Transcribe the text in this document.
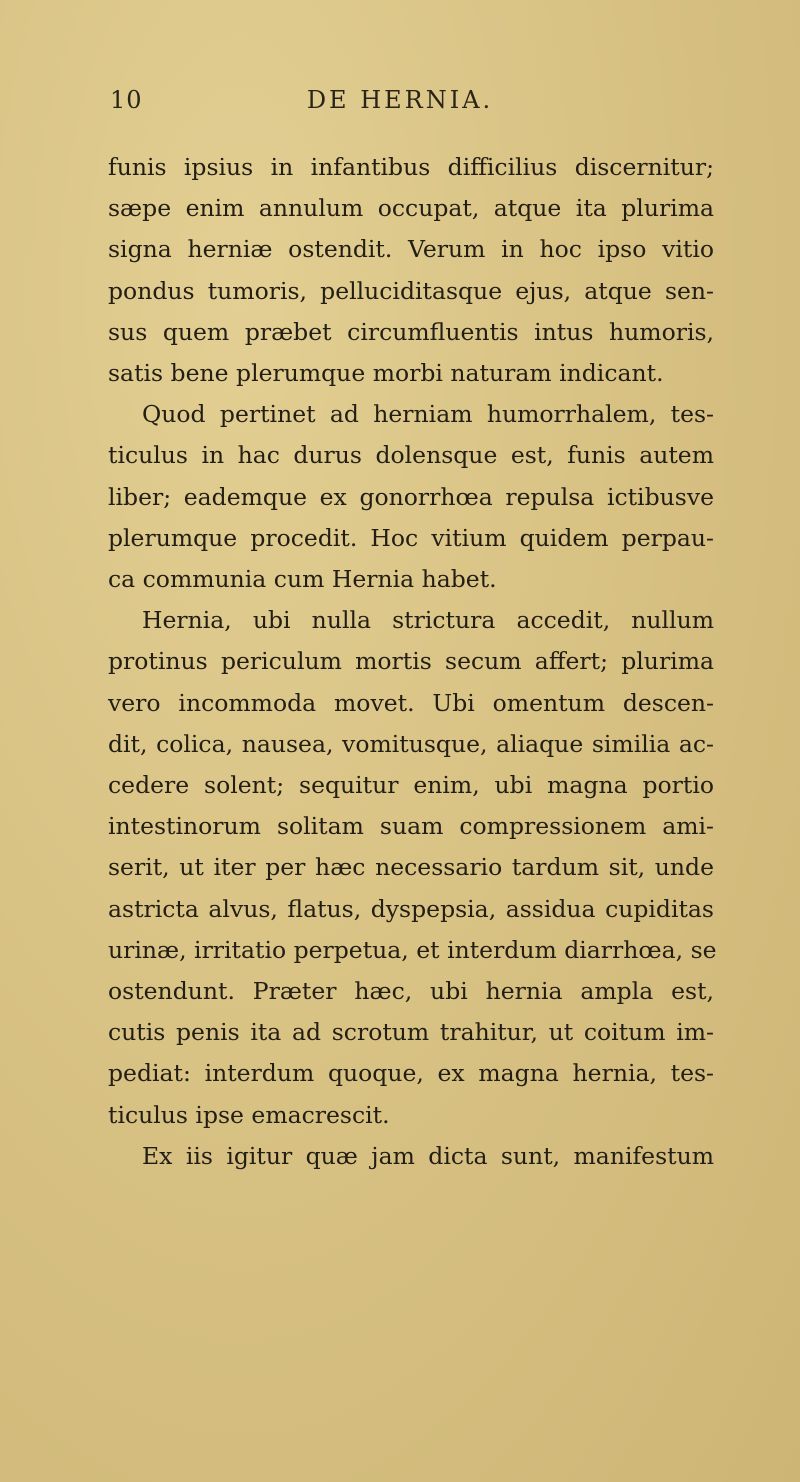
10	DE HERNIA.
funis ipsius in infantibus difficilius discernitur;
sæpe enim annulum occupat, atque ita plurima
signa herniæ ostendit. Verum in hoc ipso vitio
pondus tumoris, pelluciditasque ejus, atque sen-
sus quem præbet circumfluentis intus humoris,
satis bene plerumque morbi naturam indicant.
Quod pertinet ad herniam humorrhalem, tes-
ticulus in hac durus dolensque est, funis autem
liber; eademque ex gonorrhœa repulsa ictibusve
plerumque procedit. Hoc vitium quidem perpau-
ca communia cum Hernia habet.
Hernia, ubi nulla strictura accedit, nullum
protinus periculum mortis secum affert; plurima
vero incommoda movet. Ubi omentum descen-
dit, colica, nausea, vomitusque, aliaque similia ac-
cedere solent; sequitur enim, ubi magna portio
intestinorum solitam suam compressionem ami-
serit, ut iter per hæc necessario tardum sit, unde
astricta alvus, flatus, dyspepsia, assidua cupiditas
urinæ, irritatio perpetua, et interdum diarrhœa, se
ostendunt. Præter hæc, ubi hernia ampla est,
cutis penis ita ad scrotum trahitur, ut coitum im-
pediat: interdum quoque, ex magna hernia, tes-
ticulus ipse emacrescit.
Ex iis igitur quæ jam dicta sunt, manifestum
